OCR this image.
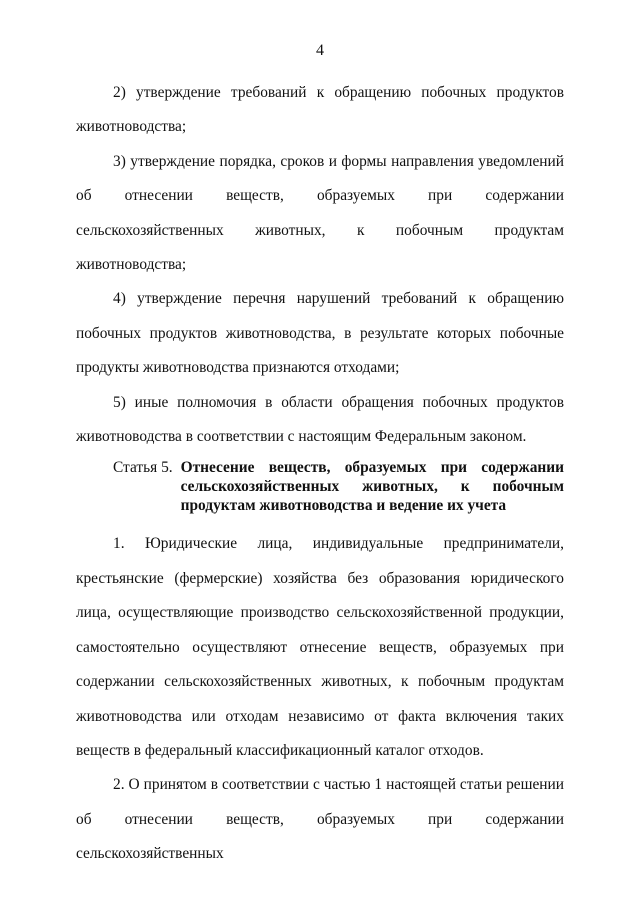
4

2) утверждение требований к обращению побочных продуктов животноводства;

3) утверждение порядка, сроков и формы направления уведомлений об отнесении веществ, образуемых при содержании сельскохозяйственных животных, к побочным продуктам животноводства;

4) утверждение перечня нарушений требований к обращению побочных продуктов животноводства, в результате которых побочные продукты животноводства признаются отходами;

5) иные полномочия в области обращения побочных продуктов животноводства в соответствии с настоящим Федеральным законом.

Статья 5. Отнесение веществ, образуемых при содержании сельскохозяйственных животных, к побочным продуктам животноводства и ведение их учета

1. Юридические лица, индивидуальные предприниматели, крестьянские (фермерские) хозяйства без образования юридического лица, осуществляющие производство сельскохозяйственной продукции, самостоятельно осуществляют отнесение веществ, образуемых при содержании сельскохозяйственных животных, к побочным продуктам животноводства или отходам независимо от факта включения таких веществ в федеральный классификационный каталог отходов.

2. О принятом в соответствии с частью 1 настоящей статьи решении об отнесении веществ, образуемых при содержании сельскохозяйственных
